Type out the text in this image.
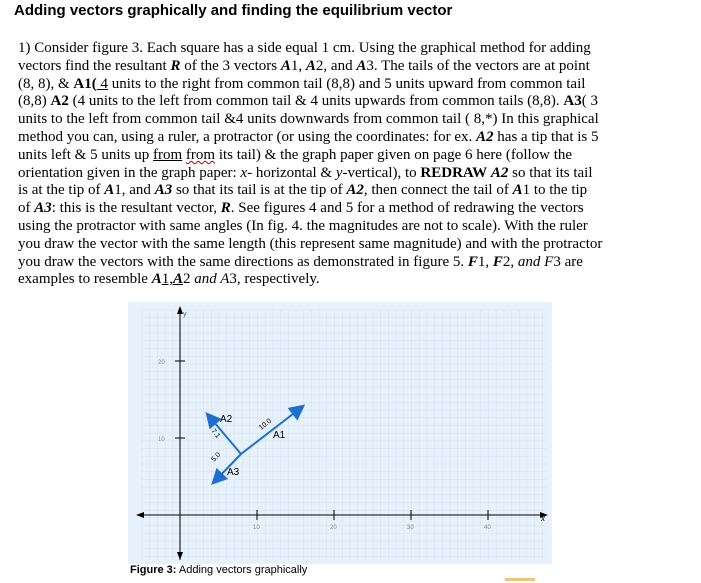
Adding vectors graphically and finding the equilibrium vector
1) Consider figure 3. Each square has a side equal 1 cm. Using the graphical method for adding
vectors find the resultant R of the 3 vectors A1, A2, and A3. The tails of the vectors are at point
(8, 8), & A1( 4 units to the right from common tail (8,8) and 5 units upward from common tail
(8,8) A2 (4 units to the left from common tail & 4 units upwards from common tails (8,8). A3( 3
units to the left from common tail &4 units downwards from common tail ( 8,*) In this graphical
method you can, using a ruler, a protractor (or using the coordinates: for ex. A2 has a tip that is 5
units left & 5 units up from from its tail) & the graph paper given on page 6 here (follow the
orientation given in the graph paper: x- horizontal & y-vertical), to REDRAW A2 so that its tail
is at the tip of A1, and A3 so that its tail is at the tip of A2, then connect the tail of A1 to the tip
of A3: this is the resultant vector, R. See figures 4 and 5 for a method of redrawing the vectors
using the protractor with same angles (In fig. 4. the magnitudes are not to scale). With the ruler
you draw the vector with the same length (this represent same magnitude) and with the protractor
you draw the vectors with the same directions as demonstrated in figure 5. F1, F2, and F3 are
examples to resemble A1,A2 and A3, respectively.
y
x
20
10
10	20	30	40
A1
10.0
A2
7.1
A3
5.0

Figure 3: Adding vectors graphically
